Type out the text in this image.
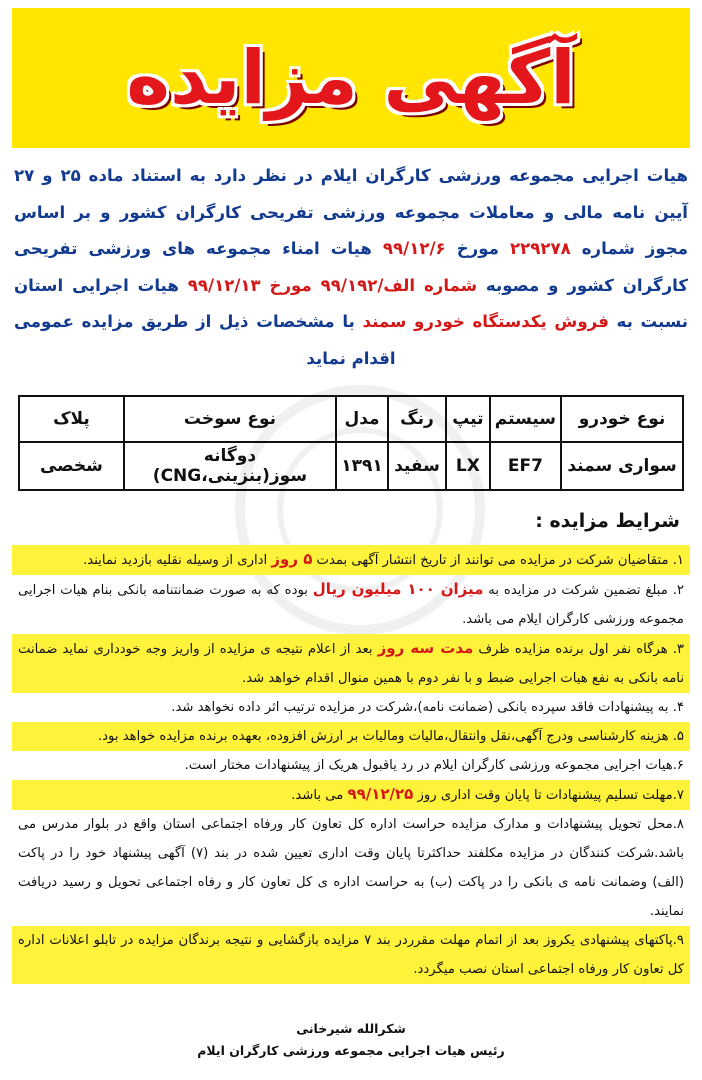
آگهی مزایده
هیات اجرایی مجموعه ورزشی کارگران ایلام در نظر دارد به استناد ماده ۲۵ و ۲۷ آیین نامه مالی و معاملات مجموعه ورزشی تفریحی کارگران کشور و بر اساس مجوز شماره ۲۲۹۲۷۸ مورخ ۹۹/۱۲/۶ هیات امناء مجموعه های ورزشی تفریحی کارگران کشور و مصوبه شماره الف/۹۹/۱۹۲ مورخ ۹۹/۱۲/۱۳ هیات اجرایی استان نسبت به فروش یکدستگاه خودرو سمند با مشخصات ذیل از طریق مزایده عمومی اقدام نماید
نوع خودرو	سیستم	تیپ	رنگ	مدل	نوع سوخت	پلاک
سواری سمند	EF7	LX	سفید	۱۳۹۱	دوگانه سوز(بنزینی،CNG)	شخصی
شرایط مزایده :
۱. متقاضیان شرکت در مزایده می توانند از تاریخ انتشار آگهی بمدت ۵ روز اداری از وسیله نقلیه بازدید نمایند.
۲. مبلغ تضمین شرکت در مزایده به میزان ۱۰۰ میلیون ریال بوده که به صورت ضمانتنامه بانکی بنام هیات اجرایی مجموعه ورزشی کارگران ایلام می باشد.
۳. هرگاه نفر اول برنده مزایده ظرف مدت سه روز بعد از اعلام نتیجه ی مزایده از واریز وجه خودداری نماید ضمانت نامه بانکی به نفع هیات اجرایی ضبط و با نفر دوم با همین منوال اقدام خواهد شد.
۴. به پیشنهادات فاقد سپرده بانکی (ضمانت نامه)،شرکت در مزایده ترتیب اثر داده نخواهد شد.
۵. هزینه کارشناسی ودرج آگهی،نقل وانتقال،مالیات ومالیات بر ارزش افزوده، بعهده برنده مزایده خواهد بود.
۶.هیات اجرایی مجموعه ورزشی کارگران ایلام در رد یاقبول هریک از پیشنهادات مختار است.
۷.مهلت تسلیم پیشنهادات تا پایان وقت اداری روز ۹۹/۱۲/۲۵ می باشد.
۸.محل تحویل پیشنهادات و مدارک مزایده حراست اداره کل تعاون کار ورفاه اجتماعی استان واقع در بلوار مدرس می باشد.شرکت کنندگان در مزایده مکلفند حداکثرتا پایان وقت اداری تعیین شده در بند (۷) آگهی پیشنهاد خود را در پاکت (الف) وضمانت نامه ی بانکی را در پاکت (ب) به حراست اداره ی کل تعاون کار و رفاه اجتماعی تحویل و رسید دریافت نمایند.
۹.پاکتهای پیشنهادی یکروز بعد از اتمام مهلت مقرردر بند ۷ مزایده بازگشایی و نتیجه برندگان مزایده در تابلو اعلانات اداره کل تعاون کار ورفاه اجتماعی استان نصب میگردد.
شکرالله شیرخانی
رئیس هیات اجرایی مجموعه ورزشی کارگران ایلام
